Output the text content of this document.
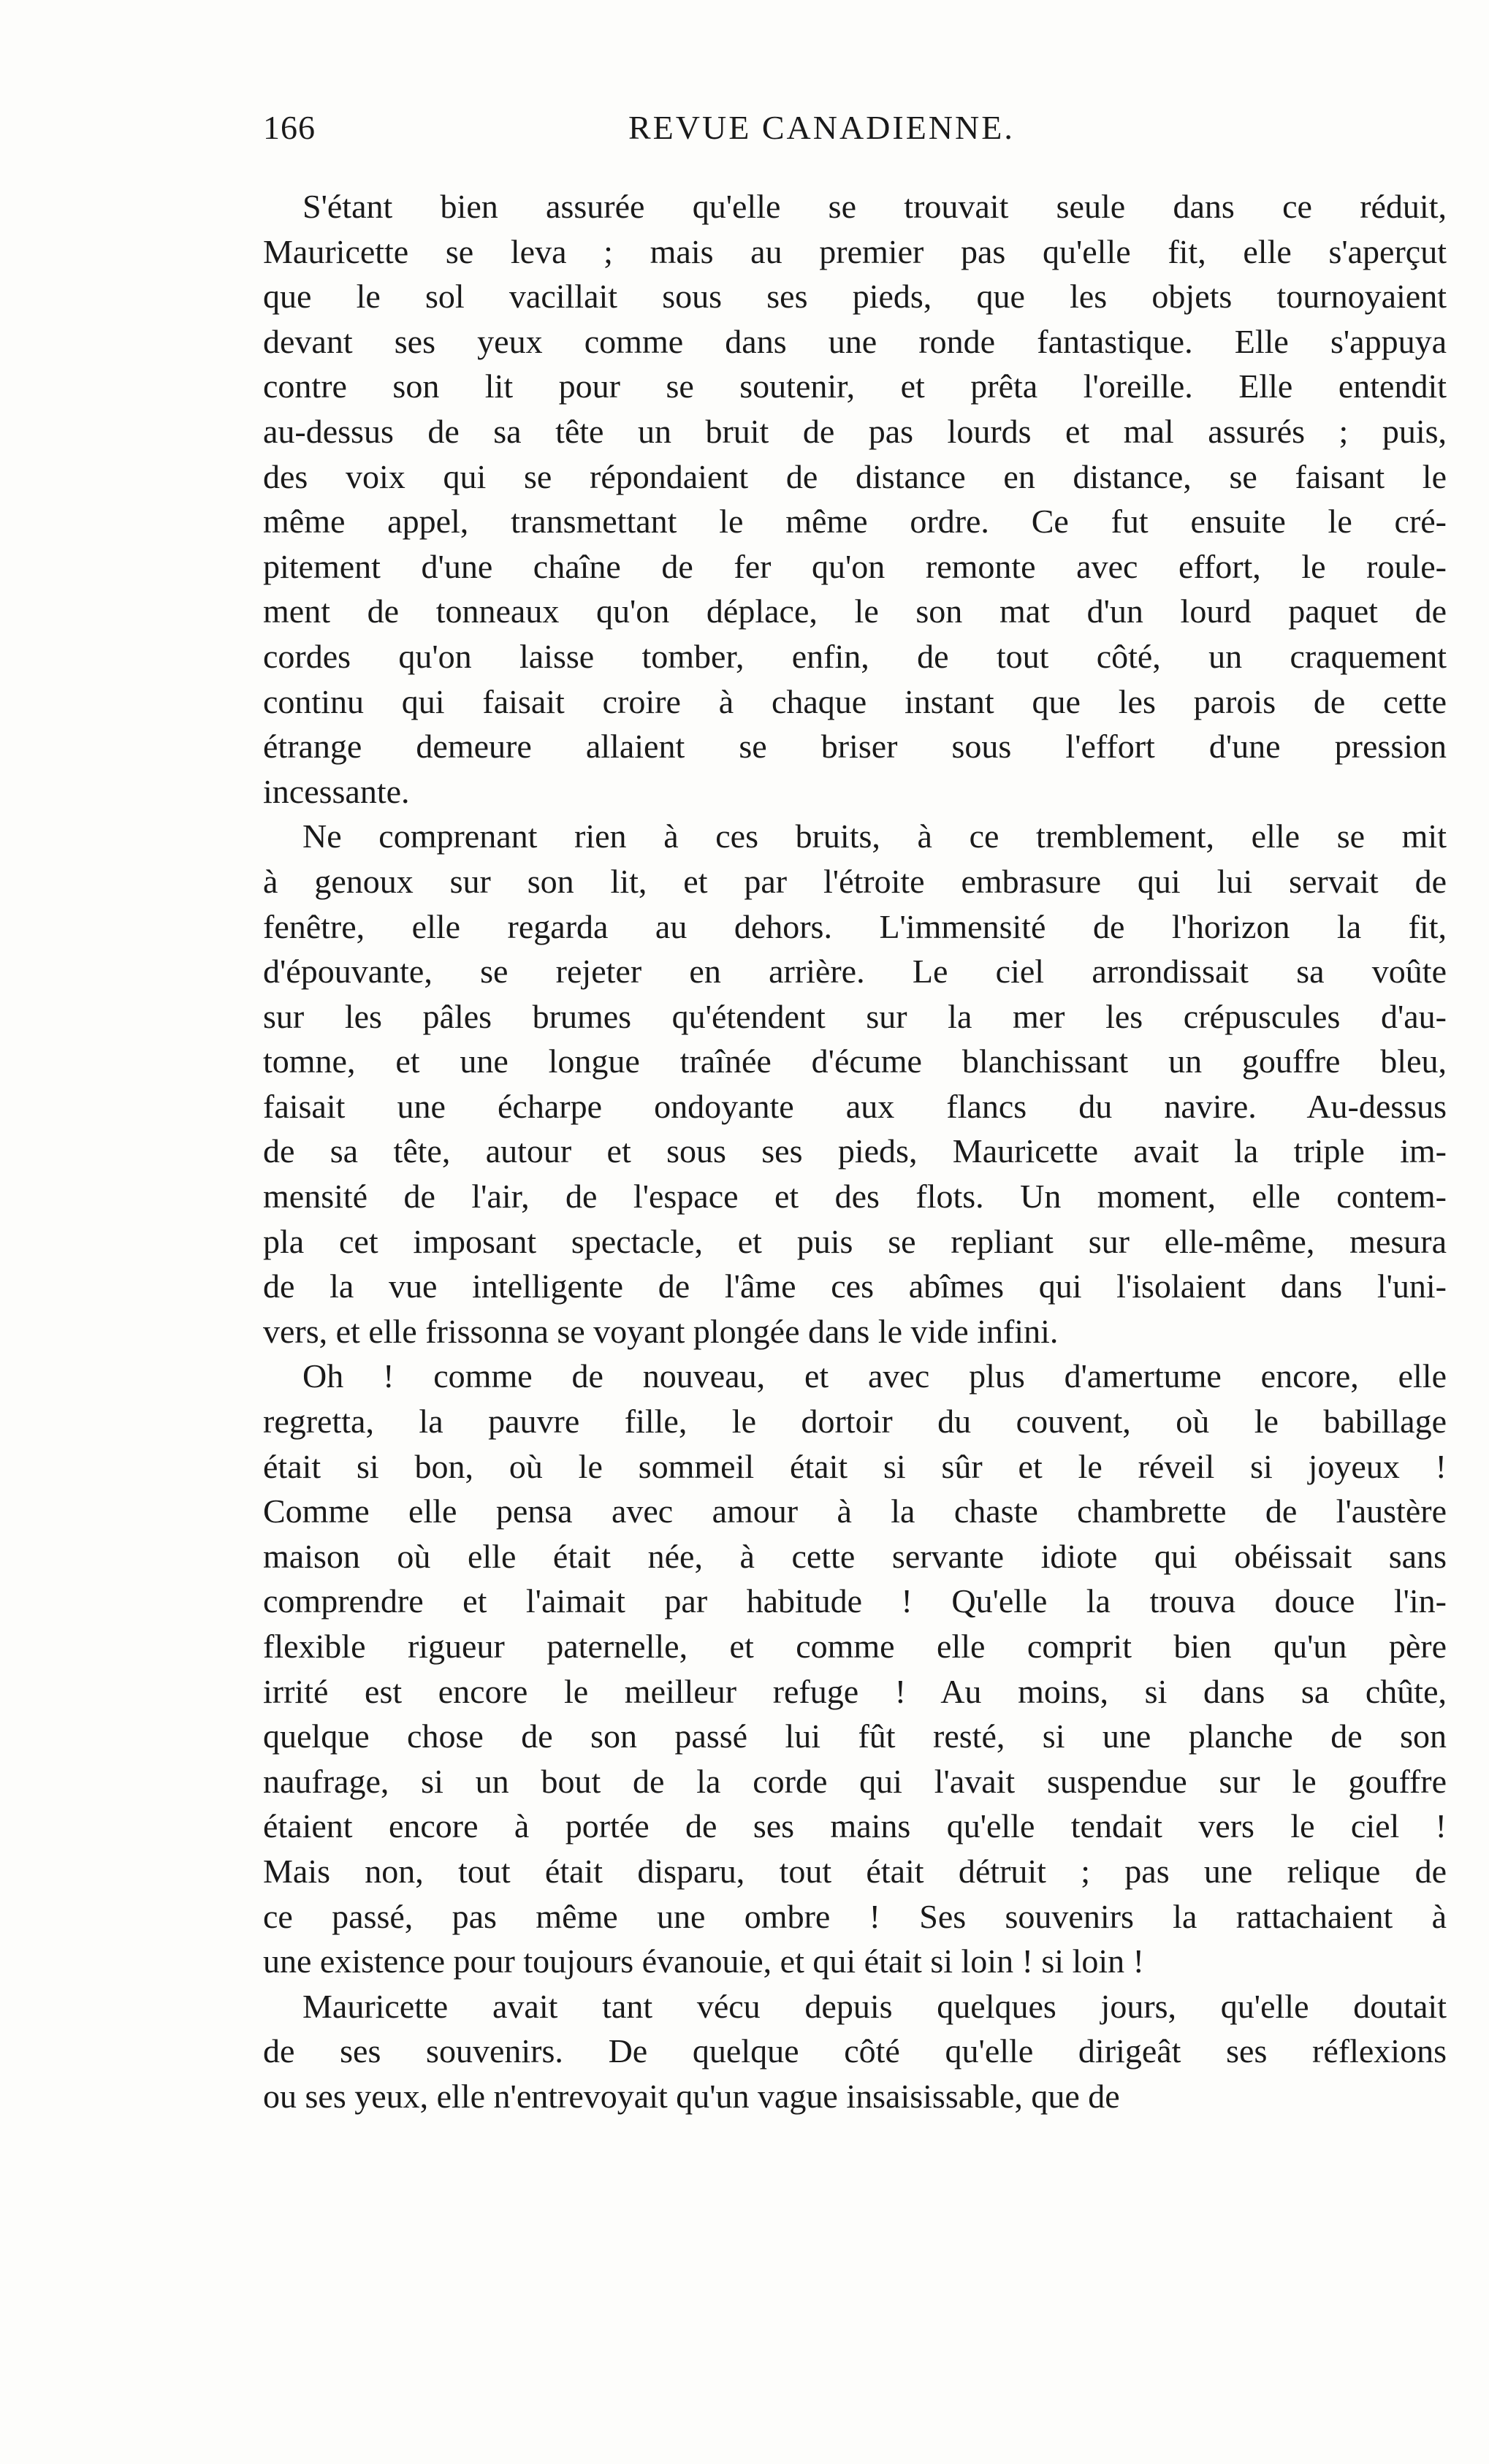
166	REVUE CANADIENNE.

S'étant bien assurée qu'elle se trouvait seule dans ce réduit,
Mauricette se leva ; mais au premier pas qu'elle fit, elle s'aperçut
que le sol vacillait sous ses pieds, que les objets tournoyaient
devant ses yeux comme dans une ronde fantastique. Elle s'appuya
contre son lit pour se soutenir, et prêta l'oreille. Elle entendit
au-dessus de sa tête un bruit de pas lourds et mal assurés ; puis,
des voix qui se répondaient de distance en distance, se faisant le
même appel, transmettant le même ordre. Ce fut ensuite le cré-
pitement d'une chaîne de fer qu'on remonte avec effort, le roule-
ment de tonneaux qu'on déplace, le son mat d'un lourd paquet de
cordes qu'on laisse tomber, enfin, de tout côté, un craquement
continu qui faisait croire à chaque instant que les parois de cette
étrange demeure allaient se briser sous l'effort d'une pression
incessante.

Ne comprenant rien à ces bruits, à ce tremblement, elle se mit
à genoux sur son lit, et par l'étroite embrasure qui lui servait de
fenêtre, elle regarda au dehors. L'immensité de l'horizon la fit,
d'épouvante, se rejeter en arrière. Le ciel arrondissait sa voûte
sur les pâles brumes qu'étendent sur la mer les crépuscules d'au-
tomne, et une longue traînée d'écume blanchissant un gouffre bleu,
faisait une écharpe ondoyante aux flancs du navire. Au-dessus
de sa tête, autour et sous ses pieds, Mauricette avait la triple im-
mensité de l'air, de l'espace et des flots. Un moment, elle contem-
pla cet imposant spectacle, et puis se repliant sur elle-même, mesura
de la vue intelligente de l'âme ces abîmes qui l'isolaient dans l'uni-
vers, et elle frissonna se voyant plongée dans le vide infini.

Oh ! comme de nouveau, et avec plus d'amertume encore, elle
regretta, la pauvre fille, le dortoir du couvent, où le babillage
était si bon, où le sommeil était si sûr et le réveil si joyeux !
Comme elle pensa avec amour à la chaste chambrette de l'austère
maison où elle était née, à cette servante idiote qui obéissait sans
comprendre et l'aimait par habitude ! Qu'elle la trouva douce l'in-
flexible rigueur paternelle, et comme elle comprit bien qu'un père
irrité est encore le meilleur refuge ! Au moins, si dans sa chûte,
quelque chose de son passé lui fût resté, si une planche de son
naufrage, si un bout de la corde qui l'avait suspendue sur le gouffre
étaient encore à portée de ses mains qu'elle tendait vers le ciel !
Mais non, tout était disparu, tout était détruit ; pas une relique de
ce passé, pas même une ombre ! Ses souvenirs la rattachaient à
une existence pour toujours évanouie, et qui était si loin ! si loin !

Mauricette avait tant vécu depuis quelques jours, qu'elle doutait
de ses souvenirs. De quelque côté qu'elle dirigeât ses réflexions
ou ses yeux, elle n'entrevoyait qu'un vague insaisissable, que de
